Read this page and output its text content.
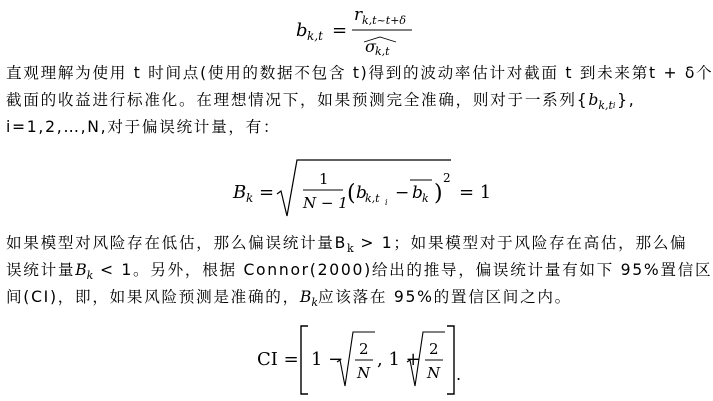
b k,t =
r k,t~t+δ
σ k,t
直观理解为使用 t 时间点(使用的数据不包含 t)得到的波动率估计对截面 t 到未来第t + δ个
截面的收益进行标准化。在理想情况下，如果预测完全准确，则对于一系列$\{b_{k,ti}\}$,
i=1,2,…,N,对于偏误统计量，有：
B k =
1
N − 1 ( b
k,t i − b k )
2
= 1
如果模型对风险存在低估，那么偏误统计量$B_k > 1$；如果模型对于风险存在高估，那么偏
误统计量$B_k < 1$。另外，根据 Connor(2000)给出的推导，偏误统计量有如下 95%置信区
间(CI)，即，如果风险预测是准确的，$B_k$应该落在 95%的置信区间之内。
CI = 1 − 2
N
, 1 + 2
N .
